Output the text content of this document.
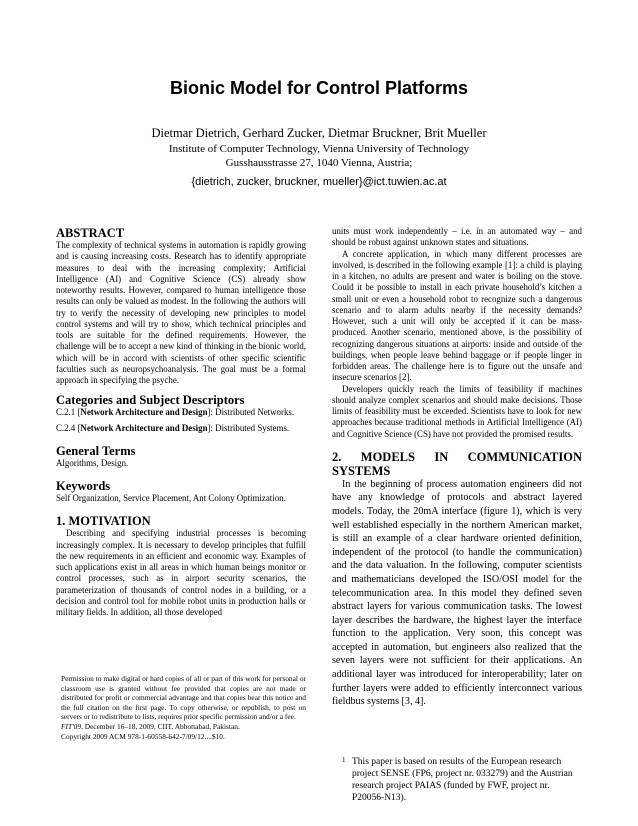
Bionic Model for Control Platforms
Dietmar Dietrich, Gerhard Zucker, Dietmar Bruckner, Brit Mueller
Institute of Computer Technology, Vienna University of Technology
Gusshausstrasse 27, 1040 Vienna, Austria;
{dietrich, zucker, bruckner, mueller}@ict.tuwien.ac.at
ABSTRACT

The complexity of technical systems in automation is rapidly growing and is causing increasing costs. Research has to identify appropriate measures to deal with the increasing complexity; Artificial Intelligence (AI) and Cognitive Science (CS) already show noteworthy results. However, compared to human intelligence those results can only be valued as modest. In the following the authors will try to verify the necessity of developing new principles to model control systems and will try to show, which technical principles and tools are suitable for the defined requirements. However, the challenge will be to accept a new kind of thinking in the bionic world, which will be in accord with scientists of other specific scientific faculties such as neuropsychoanalysis. The goal must be a formal approach in specifying the psyche.

Categories and Subject Descriptors

C.2.1 [Network Architecture and Design]: Distributed Networks.

C.2.4 [Network Architecture and Design]: Distributed Systems.

General Terms

Algorithms, Design.

Keywords

Self Organization, Service Placement, Ant Colony Optimization.

1. MOTIVATION

Describing and specifying industrial processes is becoming increasingly complex. It is necessary to develop principles that fulfill the new requirements in an efficient and economic way. Examples of such applications exist in all areas in which human beings monitor or control processes, such as in airport security scenarios, the parameterization of thousands of control nodes in a building, or a decision and control tool for mobile robot units in production halls or military fields. In addition, all those developed

Permission to make digital or hard copies of all or part of this work for personal or classroom use is granted without fee provided that copies are not made or distributed for profit or commercial advantage and that copies bear this notice and the full citation on the first page. To copy otherwise, or republish, to post on servers or to redistribute to lists, requires prior specific permission and/or a fee.

FIT'09, December 16–18, 2009, CIIT, Abbottabad, Pakistan.

Copyright 2009 ACM 978-1-60558-642-7/09/12....$10.

units must work independently – i.e. in an automated way – and should be robust against unknown states and situations.

A concrete application, in which many different processes are involved, is described in the following example [1]: a child is playing in a kitchen, no adults are present and water is boiling on the stove. Could it be possible to install in each private household’s kitchen a small unit or even a household robot to recognize such a dangerous scenario and to alarm adults nearby if the necessity demands? However, such a unit will only be accepted if it can be mass-produced. Another scenario, mentioned above, is the possibility of recognizing dangerous situations at airports: inside and outside of the buildings, when people leave behind baggage or if people linger in forbidden areas. The challenge here is to figure out the unsafe and insecure scenarios [2].

Developers quickly reach the limits of feasibility if machines should analyze complex scenarios and should make decisions. Those limits of feasibility must be exceeded. Scientists have to look for new approaches because traditional methods in Artificial Intelligence (AI) and Cognitive Science (CS) have not provided the promised results.

2. MODELS IN COMMUNICATION SYSTEMS

In the beginning of process automation engineers did not have any knowledge of protocols and abstract layered models. Today, the 20mA interface (figure 1), which is very well established especially in the northern American market, is still an example of a clear hardware oriented definition, independent of the protocol (to handle the communication) and the data valuation. In the following, computer scientists and mathematicians developed the ISO/OSI model for the telecommunication area. In this model they defined seven abstract layers for various communication tasks. The lowest layer describes the hardware, the highest layer the interface function to the application. Very soon, this concept was accepted in automation, but engineers also realized that the seven layers were not sufficient for their applications. An additional layer was introduced for interoperability; later on further layers were added to efficiently interconnect various fieldbus systems [3, 4].

1 This paper is based on results of the European research project SENSE (FP6, project nr. 033279) and the Austrian research project PAIAS (funded by FWF, project nr. P20056-N13).
